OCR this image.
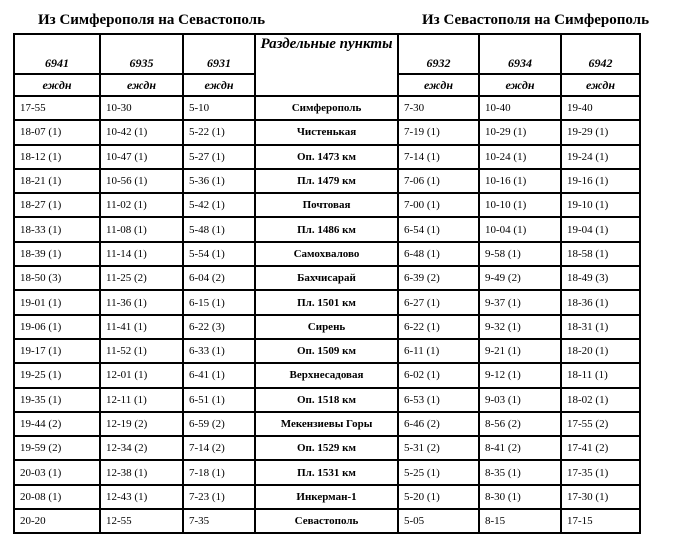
Из Симферополя на Севастополь	Из Севастополя на Симферополь
6941	6935	6931	Раздельные пункты	6932	6934	6942
еждн	еждн	еждн		еждн	еждн	еждн
17-55	10-30	5-10	Симферополь	7-30	10-40	19-40
18-07 (1)	10-42 (1)	5-22 (1)	Чистенькая	7-19 (1)	10-29 (1)	19-29 (1)
18-12 (1)	10-47 (1)	5-27 (1)	Оп. 1473 км	7-14 (1)	10-24 (1)	19-24 (1)
18-21 (1)	10-56 (1)	5-36 (1)	Пл. 1479 км	7-06 (1)	10-16 (1)	19-16 (1)
18-27 (1)	11-02 (1)	5-42 (1)	Почтовая	7-00 (1)	10-10 (1)	19-10 (1)
18-33 (1)	11-08 (1)	5-48 (1)	Пл. 1486 км	6-54 (1)	10-04 (1)	19-04 (1)
18-39 (1)	11-14 (1)	5-54 (1)	Самохвалово	6-48 (1)	9-58 (1)	18-58 (1)
18-50 (3)	11-25 (2)	6-04 (2)	Бахчисарай	6-39 (2)	9-49 (2)	18-49 (3)
19-01 (1)	11-36 (1)	6-15 (1)	Пл. 1501 км	6-27 (1)	9-37 (1)	18-36 (1)
19-06 (1)	11-41 (1)	6-22 (3)	Сирень	6-22 (1)	9-32 (1)	18-31 (1)
19-17 (1)	11-52 (1)	6-33 (1)	Оп. 1509 км	6-11 (1)	9-21 (1)	18-20 (1)
19-25 (1)	12-01 (1)	6-41 (1)	Верхнесадовая	6-02 (1)	9-12 (1)	18-11 (1)
19-35 (1)	12-11 (1)	6-51 (1)	Оп. 1518 км	6-53 (1)	9-03 (1)	18-02 (1)
19-44 (2)	12-19 (2)	6-59 (2)	Мекензиевы Горы	6-46 (2)	8-56 (2)	17-55 (2)
19-59 (2)	12-34 (2)	7-14 (2)	Оп. 1529 км	5-31 (2)	8-41 (2)	17-41 (2)
20-03 (1)	12-38 (1)	7-18 (1)	Пл. 1531 км	5-25 (1)	8-35 (1)	17-35 (1)
20-08 (1)	12-43 (1)	7-23 (1)	Инкерман-1	5-20 (1)	8-30 (1)	17-30 (1)
20-20	12-55	7-35	Севастополь	5-05	8-15	17-15
